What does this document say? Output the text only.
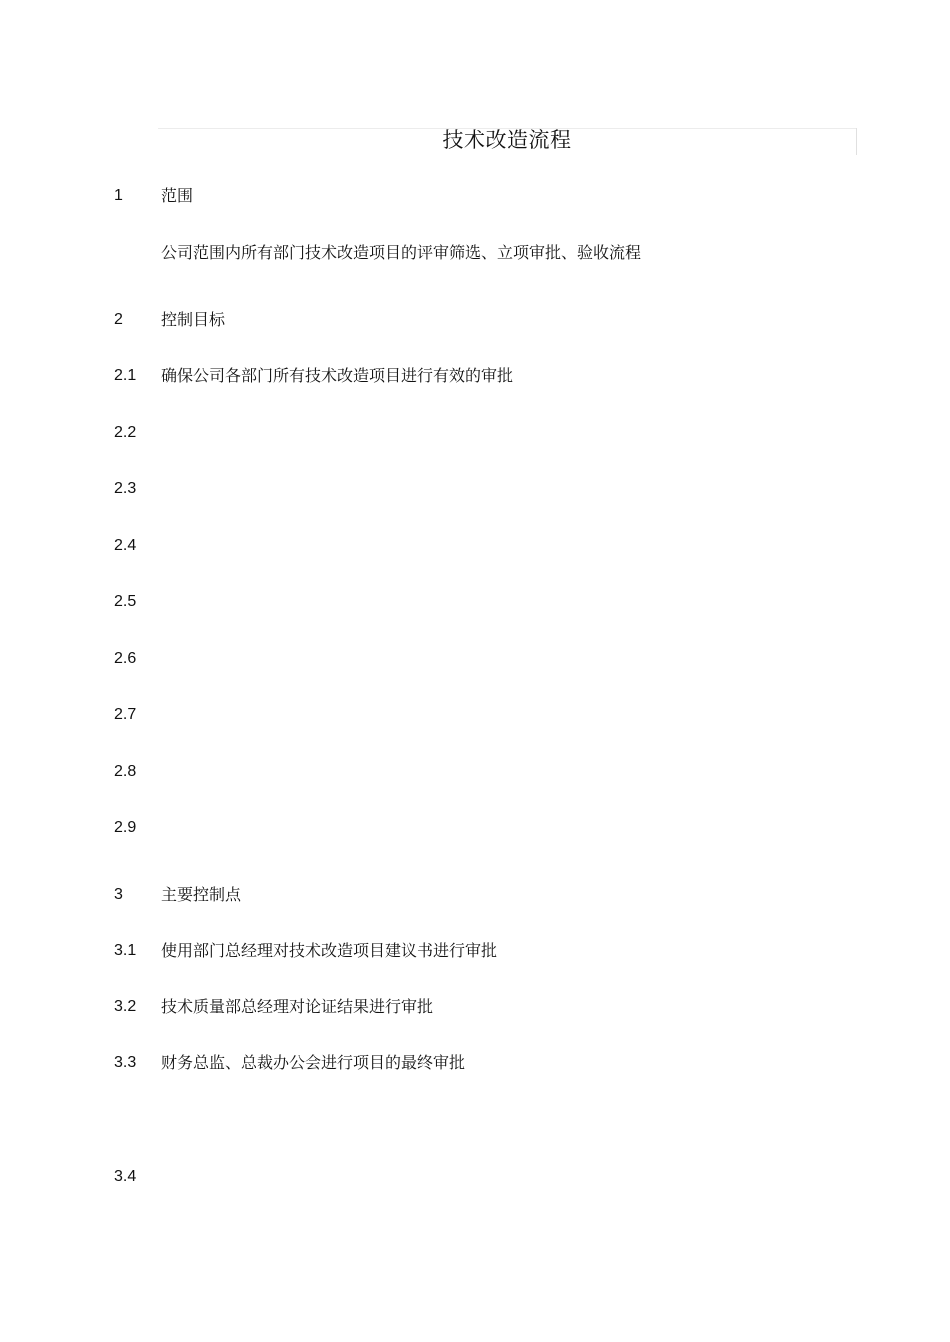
技术改造流程
1 范围
公司范围内所有部门技术改造项目的评审筛选、立项审批、验收流程
2 控制目标
2.1 确保公司各部门所有技术改造项目进行有效的审批
2.2
2.3
2.4
2.5
2.6
2.7
2.8
2.9
3 主要控制点
3.1 使用部门总经理对技术改造项目建议书进行审批
3.2 技术质量部总经理对论证结果进行审批
3.3 财务总监、总裁办公会进行项目的最终审批
3.4
